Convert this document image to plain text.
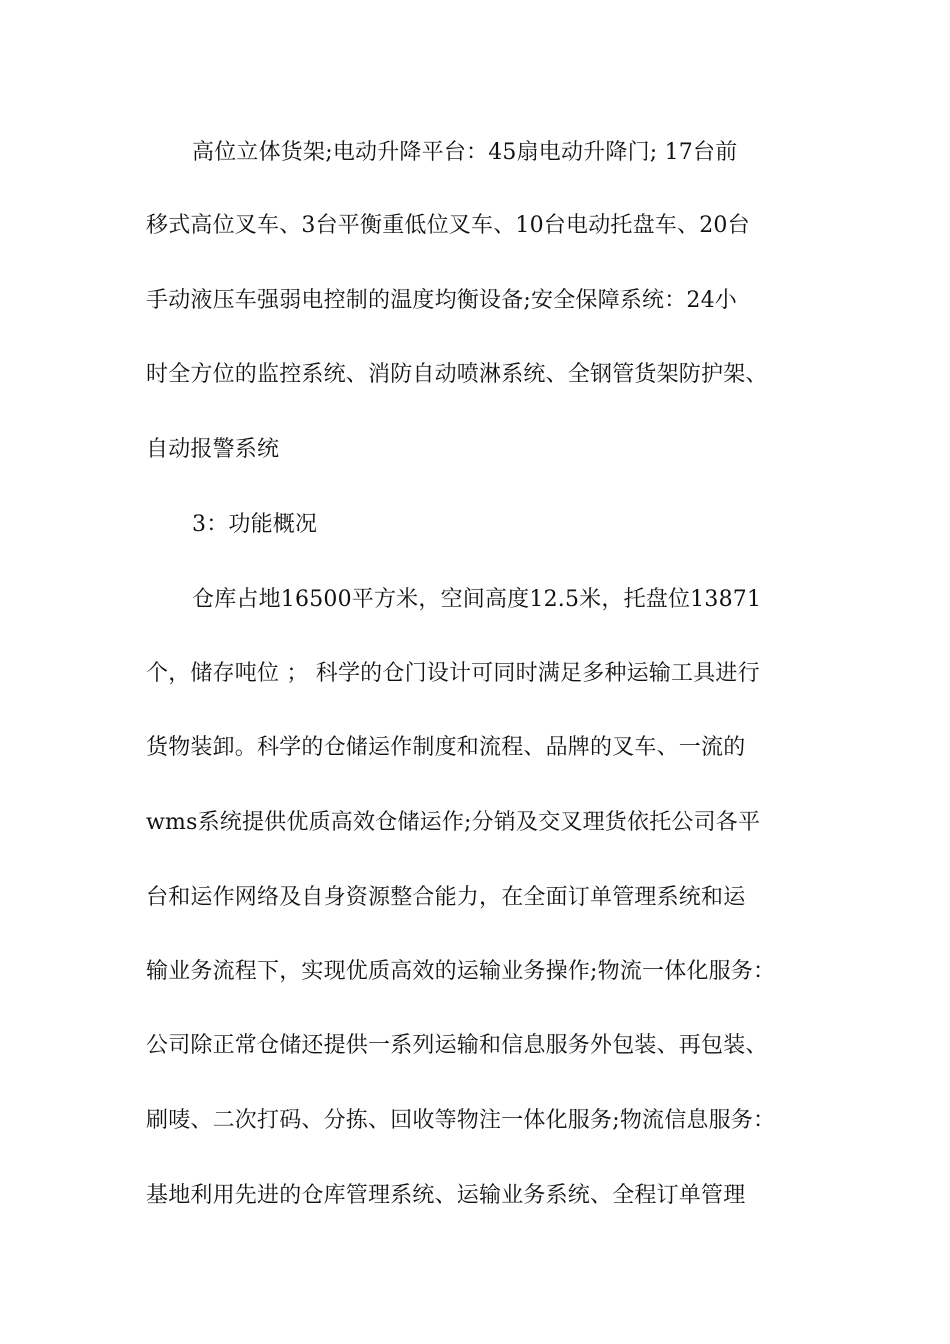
高位立体货架;电动升降平台：45扇电动升降门; 17台前
移式高位叉车、3台平衡重低位叉车、10台电动托盘车、20台
手动液压车强弱电控制的温度均衡设备;安全保障系统：24小
时全方位的监控系统、消防自动喷淋系统、全钢管货架防护架、
自动报警系统
3：功能概况
仓库占地16500平方米，空间高度12.5米，托盘位13871
个，储存吨位 ； 科学的仓门设计可同时满足多种运输工具进行
货物装卸。科学的仓储运作制度和流程、品牌的叉车、一流的
wms系统提供优质高效仓储运作;分销及交叉理货依托公司各平
台和运作网络及自身资源整合能力，在全面订单管理系统和运
输业务流程下，实现优质高效的运输业务操作;物流一体化服务：
公司除正常仓储还提供一系列运输和信息服务外包装、再包装、
刷唛、二次打码、分拣、回收等物注一体化服务;物流信息服务：
基地利用先进的仓库管理系统、运输业务系统、全程订单管理
